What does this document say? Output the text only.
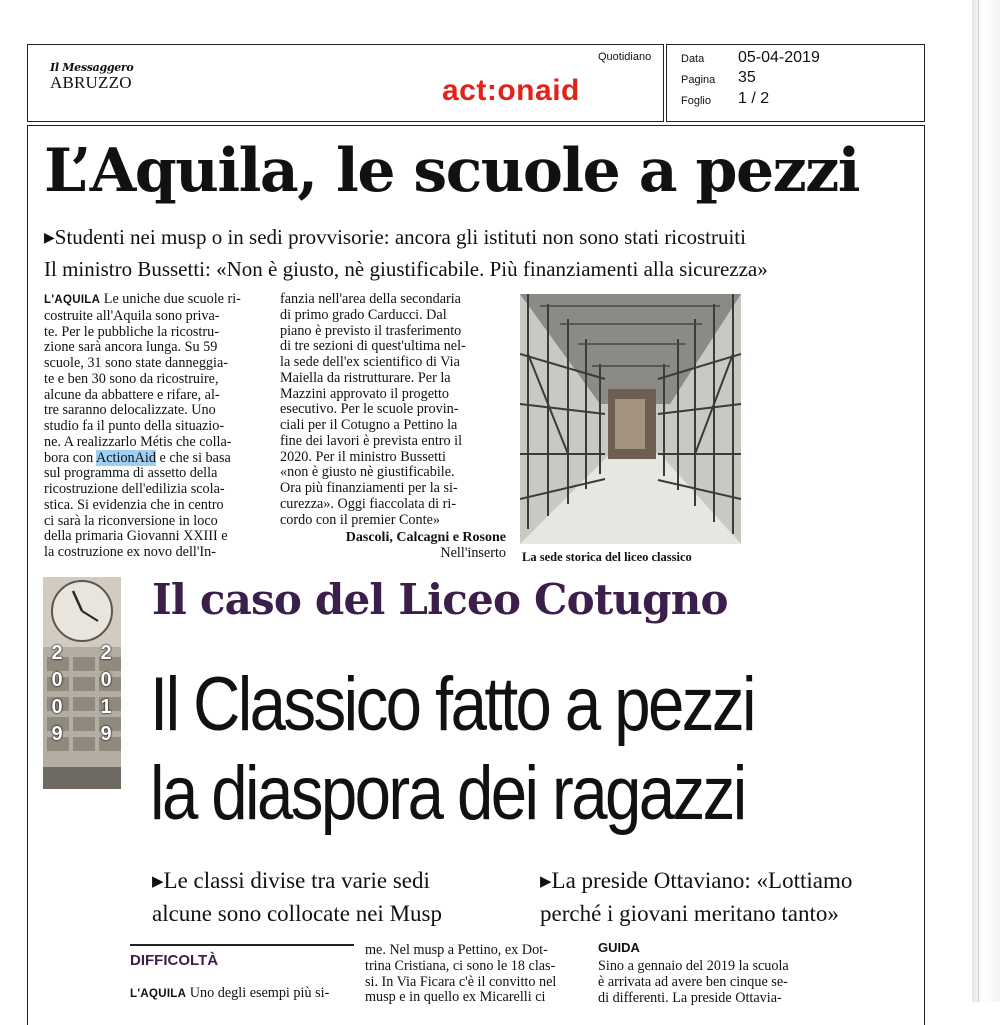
Il Messaggero
ABRUZZO
Quotidiano
act:onaid
Data 05-04-2019
Pagina 35
Foglio 1 / 2
L’Aquila, le scuole a pezzi
▶Studenti nei musp o in sedi provvisorie: ancora gli istituti non sono stati ricostruiti
Il ministro Bussetti: «Non è giusto, nè giustificabile. Più finanziamenti alla sicurezza»
L'AQUILA Le uniche due scuole ri-
costruite all'Aquila sono priva-
te. Per le pubbliche la ricostru-
zione sarà ancora lunga. Su 59
scuole, 31 sono state danneggia-
te e ben 30 sono da ricostruire,
alcune da abbattere e rifare, al-
tre saranno delocalizzate. Uno
studio fa il punto della situazio-
ne. A realizzarlo Métis che colla-
bora con ActionAid e che si basa
sul programma di assetto della
ricostruzione dell'edilizia scola-
stica. Si evidenzia che in centro
ci sarà la riconversione in loco
della primaria Giovanni XXIII e
la costruzione ex novo dell'In-
fanzia nell'area della secondaria
di primo grado Carducci. Dal
piano è previsto il trasferimento
di tre sezioni di quest'ultima nel-
la sede dell'ex scientifico di Via
Maiella da ristrutturare. Per la
Mazzini approvato il progetto
esecutivo. Per le scuole provin-
ciali per il Cotugno a Pettino la
fine dei lavori è prevista entro il
2020. Per il ministro Bussetti
«non è giusto nè giustificabile.
Ora più finanziamenti per la si-
curezza». Oggi fiaccolata di ri-
cordo con il premier Conte»
Dascoli, Calcagni e Rosone
Nell'inserto La sede storica del liceo classico
2009
2019
Il caso del Liceo Cotugno
Il Classico fatto a pezzi
la diaspora dei ragazzi
▶Le classi divise tra varie sedi
alcune sono collocate nei Musp
▶La preside Ottaviano: «Lottiamo
perché i giovani meritano tanto»
DIFFICOLTÀ
L'AQUILA Uno degli esempi più si-
me. Nel musp a Pettino, ex Dot-
trina Cristiana, ci sono le 18 clas-
si. In Via Ficara c'è il convitto nel
musp e in quello ex Micarelli ci
GUIDA
Sino a gennaio del 2019 la scuola
è arrivata ad avere ben cinque se-
di differenti. La preside Ottavia-
